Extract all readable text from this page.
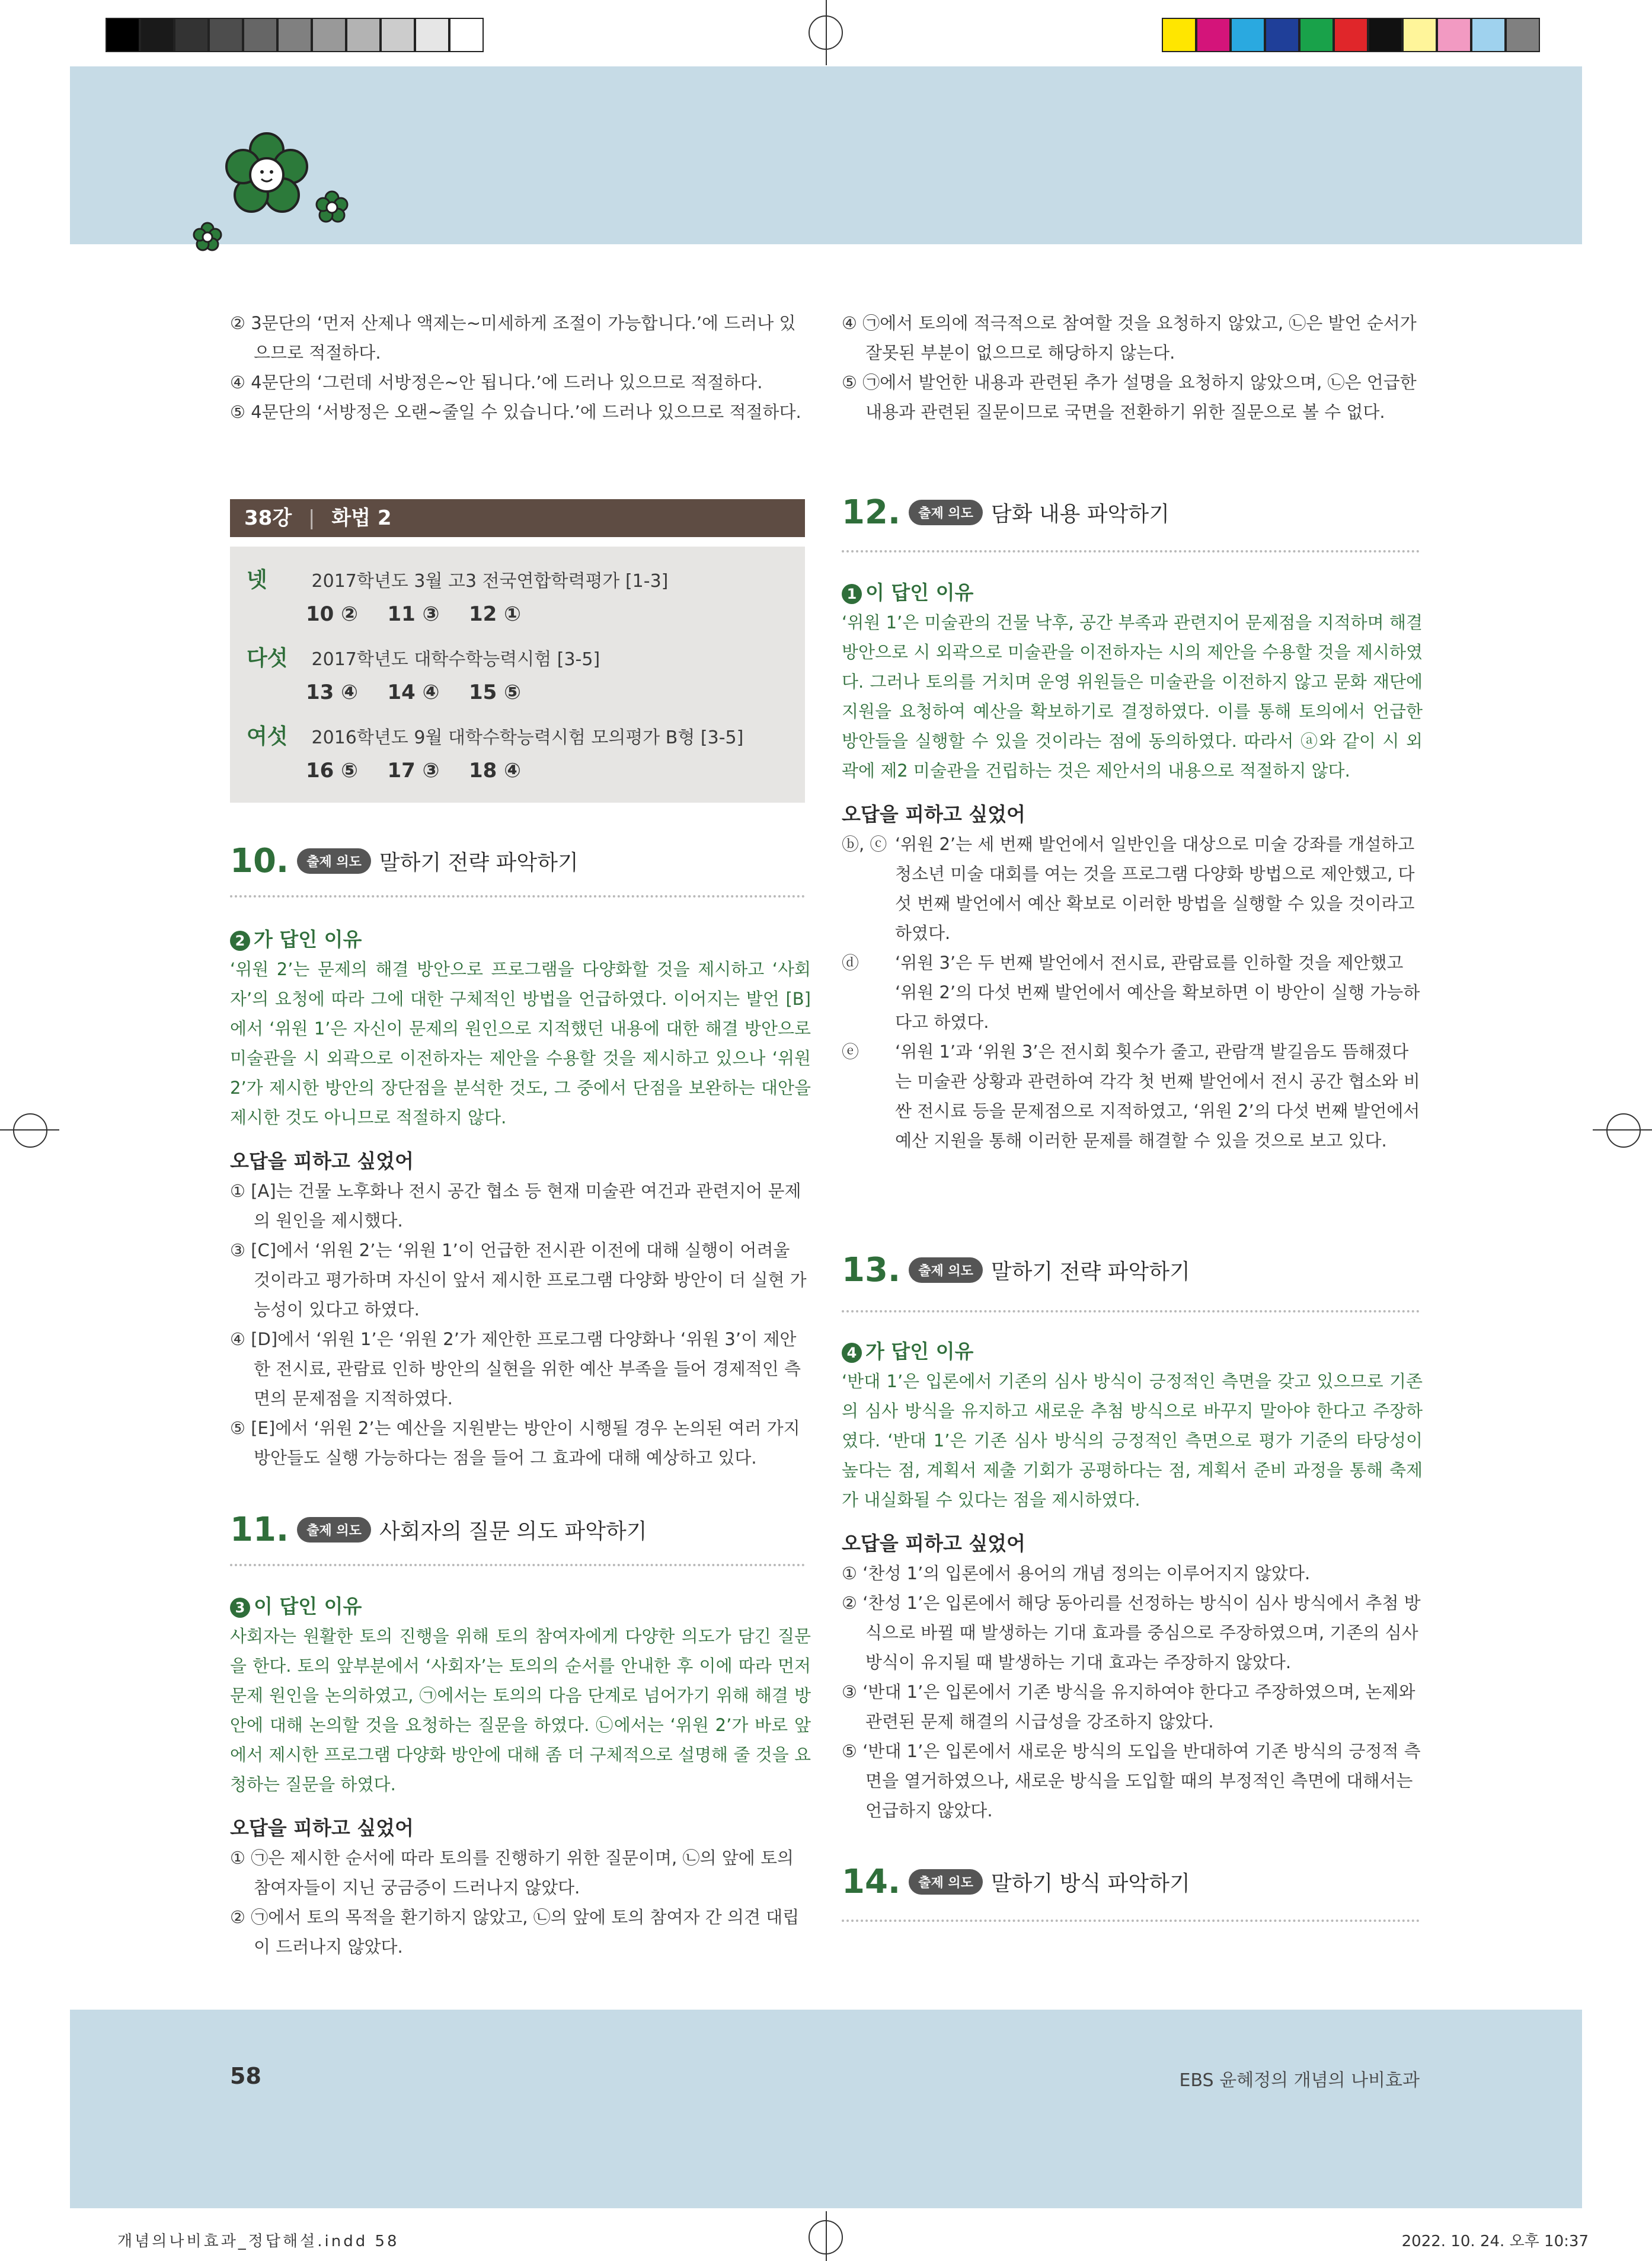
② 3문단의 ‘먼저 산제나 액제는~미세하게 조절이 가능합니다.’에 드러나 있으므로 적절하다.

④ 4문단의 ‘그런데 서방정은~안 됩니다.’에 드러나 있으므로 적절하다.

⑤ 4문단의 ‘서방정은 오랜~줄일 수 있습니다.’에 드러나 있으므로 적절하다.

38강 | 화법 2
넷 2017학년도 3월 고3 전국연합학력평가 [1-3]
10 ② 11 ③ 12 ①
다섯 2017학년도 대학수학능력시험 [3-5]
13 ④ 14 ④ 15 ⑤
여섯 2016학년도 9월 대학수학능력시험 모의평가 B형 [3-5]
16 ⑤ 17 ③ 18 ④
10.	출제 의도 말하기 전략 파악하기

2 가 답인 이유

‘위원 2’는 문제의 해결 방안으로 프로그램을 다양화할 것을 제시하고 ‘사회자’의 요청에 따라 그에 대한 구체적인 방법을 언급하였다. 이어지는 발언 [B]에서 ‘위원 1’은 자신이 문제의 원인으로 지적했던 내용에 대한 해결 방안으로 미술관을 시 외곽으로 이전하자는 제안을 수용할 것을 제시하고 있으나 ‘위원 2’가 제시한 방안의 장단점을 분석한 것도, 그 중에서 단점을 보완하는 대안을 제시한 것도 아니므로 적절하지 않다.

오답을 피하고 싶었어

① [A]는 건물 노후화나 전시 공간 협소 등 현재 미술관 여건과 관련지어 문제의 원인을 제시했다.

③ [C]에서 ‘위원 2’는 ‘위원 1’이 언급한 전시관 이전에 대해 실행이 어려울 것이라고 평가하며 자신이 앞서 제시한 프로그램 다양화 방안이 더 실현 가능성이 있다고 하였다.

④ [D]에서 ‘위원 1’은 ‘위원 2’가 제안한 프로그램 다양화나 ‘위원 3’이 제안한 전시료, 관람료 인하 방안의 실현을 위한 예산 부족을 들어 경제적인 측면의 문제점을 지적하였다.

⑤ [E]에서 ‘위원 2’는 예산을 지원받는 방안이 시행될 경우 논의된 여러 가지 방안들도 실행 가능하다는 점을 들어 그 효과에 대해 예상하고 있다.

11.	출제 의도 사회자의 질문 의도 파악하기

3 이 답인 이유

사회자는 원활한 토의 진행을 위해 토의 참여자에게 다양한 의도가 담긴 질문을 한다. 토의 앞부분에서 ‘사회자’는 토의의 순서를 안내한 후 이에 따라 먼저 문제 원인을 논의하였고, ㉠에서는 토의의 다음 단계로 넘어가기 위해 해결 방안에 대해 논의할 것을 요청하는 질문을 하였다. ㉡에서는 ‘위원 2’가 바로 앞에서 제시한 프로그램 다양화 방안에 대해 좀 더 구체적으로 설명해 줄 것을 요청하는 질문을 하였다.

오답을 피하고 싶었어

① ㉠은 제시한 순서에 따라 토의를 진행하기 위한 질문이며, ㉡의 앞에 토의 참여자들이 지닌 궁금증이 드러나지 않았다.

② ㉠에서 토의 목적을 환기하지 않았고, ㉡의 앞에 토의 참여자 간 의견 대립이 드러나지 않았다.

④ ㉠에서 토의에 적극적으로 참여할 것을 요청하지 않았고, ㉡은 발언 순서가 잘못된 부분이 없으므로 해당하지 않는다.

⑤ ㉠에서 발언한 내용과 관련된 추가 설명을 요청하지 않았으며, ㉡은 언급한 내용과 관련된 질문이므로 국면을 전환하기 위한 질문으로 볼 수 없다.

12.	출제 의도 담화 내용 파악하기

1 이 답인 이유

‘위원 1’은 미술관의 건물 낙후, 공간 부족과 관련지어 문제점을 지적하며 해결 방안으로 시 외곽으로 미술관을 이전하자는 시의 제안을 수용할 것을 제시하였다. 그러나 토의를 거치며 운영 위원들은 미술관을 이전하지 않고 문화 재단에 지원을 요청하여 예산을 확보하기로 결정하였다. 이를 통해 토의에서 언급한 방안들을 실행할 수 있을 것이라는 점에 동의하였다. 따라서 ⓐ와 같이 시 외곽에 제2 미술관을 건립하는 것은 제안서의 내용으로 적절하지 않다.

오답을 피하고 싶었어

ⓑ, ⓒ ‘위원 2’는 세 번째 발언에서 일반인을 대상으로 미술 강좌를 개설하고 청소년 미술 대회를 여는 것을 프로그램 다양화 방법으로 제안했고, 다섯 번째 발언에서 예산 확보로 이러한 방법을 실행할 수 있을 것이라고 하였다.
ⓓ	‘위원 3’은 두 번째 발언에서 전시료, 관람료를 인하할 것을 제안했고 ‘위원 2’의 다섯 번째 발언에서 예산을 확보하면 이 방안이 실행 가능하다고 하였다.
ⓔ	‘위원 1’과 ‘위원 3’은 전시회 횟수가 줄고, 관람객 발길음도 뜸해졌다는 미술관 상황과 관련하여 각각 첫 번째 발언에서 전시 공간 협소와 비싼 전시료 등을 문제점으로 지적하였고, ‘위원 2’의 다섯 번째 발언에서 예산 지원을 통해 이러한 문제를 해결할 수 있을 것으로 보고 있다.
13.	출제 의도 말하기 전략 파악하기

4 가 답인 이유

‘반대 1’은 입론에서 기존의 심사 방식이 긍정적인 측면을 갖고 있으므로 기존의 심사 방식을 유지하고 새로운 추첨 방식으로 바꾸지 말아야 한다고 주장하였다. ‘반대 1’은 기존 심사 방식의 긍정적인 측면으로 평가 기준의 타당성이 높다는 점, 계획서 제출 기회가 공평하다는 점, 계획서 준비 과정을 통해 축제가 내실화될 수 있다는 점을 제시하였다.

오답을 피하고 싶었어

① ‘찬성 1’의 입론에서 용어의 개념 정의는 이루어지지 않았다.

② ‘찬성 1’은 입론에서 해당 동아리를 선정하는 방식이 심사 방식에서 추첨 방식으로 바뀔 때 발생하는 기대 효과를 중심으로 주장하였으며, 기존의 심사 방식이 유지될 때 발생하는 기대 효과는 주장하지 않았다.

③ ‘반대 1’은 입론에서 기존 방식을 유지하여야 한다고 주장하였으며, 논제와 관련된 문제 해결의 시급성을 강조하지 않았다.

⑤ ‘반대 1’은 입론에서 새로운 방식의 도입을 반대하여 기존 방식의 긍정적 측면을 열거하였으나, 새로운 방식을 도입할 때의 부정적인 측면에 대해서는 언급하지 않았다.

14.	출제 의도 말하기 방식 파악하기
58	EBS 윤혜정의 개념의 나비효과
개념의나비효과_정답해설.indd 58	2022. 10. 24. 오후 10:37
